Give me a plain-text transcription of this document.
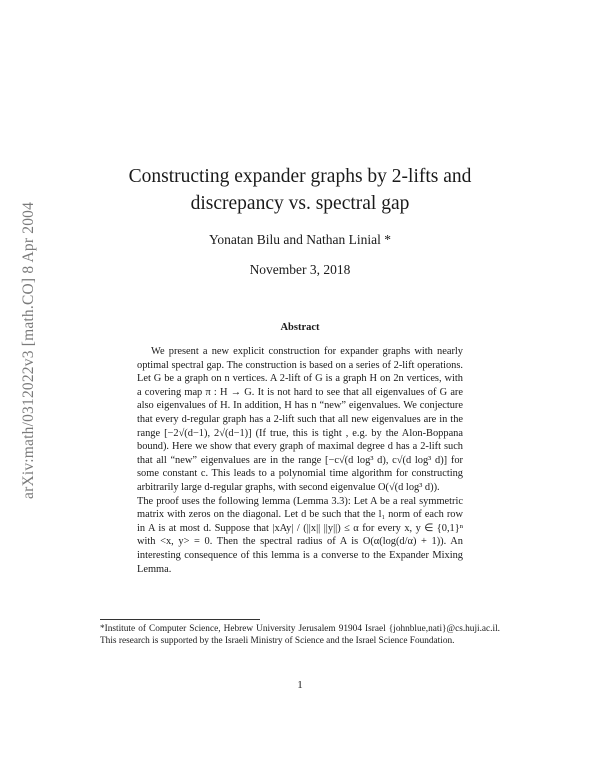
arXiv:math/0312022v3 [math.CO] 8 Apr 2004
Constructing expander graphs by 2-lifts and
discrepancy vs. spectral gap
Yonatan Bilu and Nathan Linial *
November 3, 2018
Abstract

We present a new explicit construction for expander graphs with nearly optimal spectral gap. The construction is based on a series of 2-lift operations. Let G be a graph on n vertices. A 2-lift of G is a graph H on 2n vertices, with a covering map π : H → G. It is not hard to see that all eigenvalues of G are also eigenvalues of H. In addition, H has n “new” eigenvalues. We conjecture that every d-regular graph has a 2-lift such that all new eigenvalues are in the range [−2√(d−1), 2√(d−1)] (If true, this is tight , e.g. by the Alon-Boppana bound). Here we show that every graph of maximal degree d has a 2-lift such that all “new” eigenvalues are in the range [−c√(d log³ d), c√(d log³ d)] for some constant c. This leads to a polynomial time algorithm for constructing arbitrarily large d-regular graphs, with second eigenvalue O(√(d log³ d)).

The proof uses the following lemma (Lemma 3.3): Let A be a real symmetric matrix with zeros on the diagonal. Let d be such that the l₁ norm of each row in A is at most d. Suppose that |xAy| / (||x|| ||y||) ≤ α for every x, y ∈ {0,1}ⁿ with <x, y> = 0. Then the spectral radius of A is O(α(log(d/α) + 1)). An interesting consequence of this lemma is a converse to the Expander Mixing Lemma.

*Institute of Computer Science, Hebrew University Jerusalem 91904 Israel {johnblue,nati}@cs.huji.ac.il. This research is supported by the Israeli Ministry of Science and the Israel Science Foundation.
1
